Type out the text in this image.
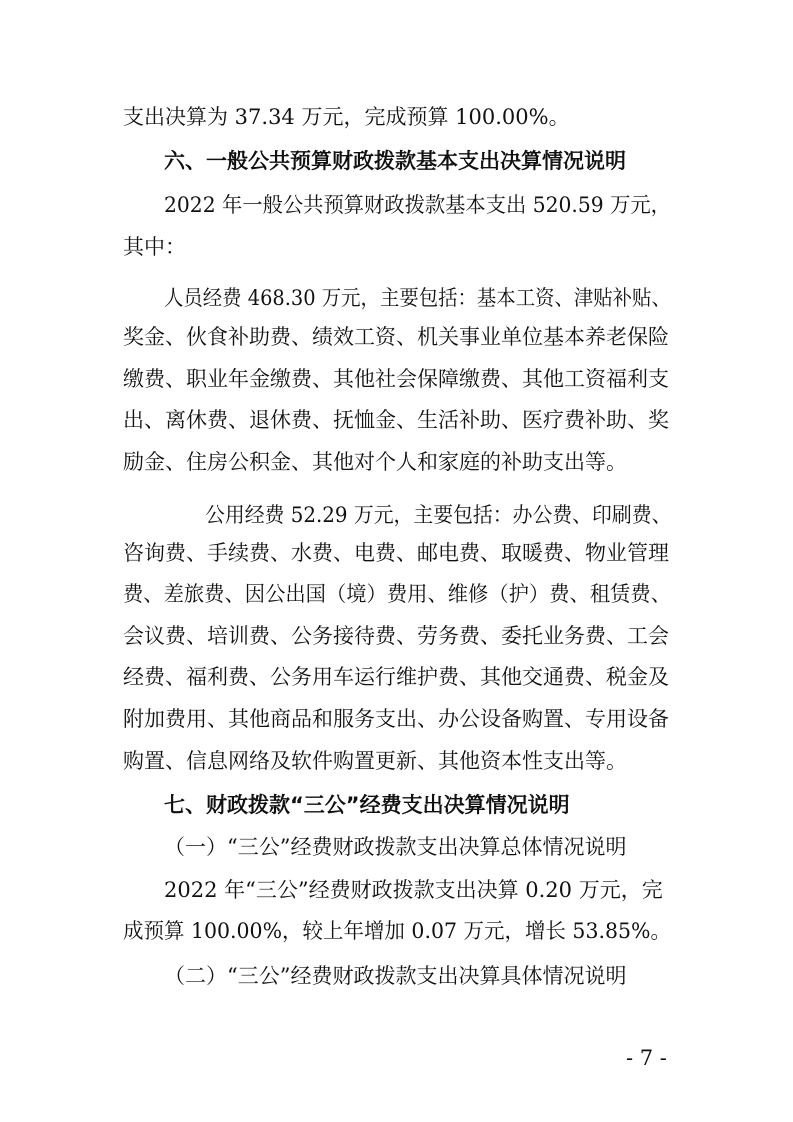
支出决算为 37.34 万元，完成预算 100.00%。
六、一般公共预算财政拨款基本支出决算情况说明
2022 年一般公共预算财政拨款基本支出 520.59 万元，
其中：
人员经费 468.30 万元，主要包括：基本工资、津贴补贴、
奖金、伙食补助费、绩效工资、机关事业单位基本养老保险
缴费、职业年金缴费、其他社会保障缴费、其他工资福利支
出、离休费、退休费、抚恤金、生活补助、医疗费补助、奖
励金、住房公积金、其他对个人和家庭的补助支出等。
公用经费 52.29 万元，主要包括：办公费、印刷费、
咨询费、手续费、水费、电费、邮电费、取暖费、物业管理
费、差旅费、因公出国（境）费用、维修（护）费、租赁费、
会议费、培训费、公务接待费、劳务费、委托业务费、工会
经费、福利费、公务用车运行维护费、其他交通费、税金及
附加费用、其他商品和服务支出、办公设备购置、专用设备
购置、信息网络及软件购置更新、其他资本性支出等。
七、财政拨款“三公”经费支出决算情况说明
（一）“三公”经费财政拨款支出决算总体情况说明
2022 年“三公”经费财政拨款支出决算 0.20 万元，完
成预算 100.00%，较上年增加 0.07 万元，增长 53.85%。
（二）“三公”经费财政拨款支出决算具体情况说明
- 7 -
